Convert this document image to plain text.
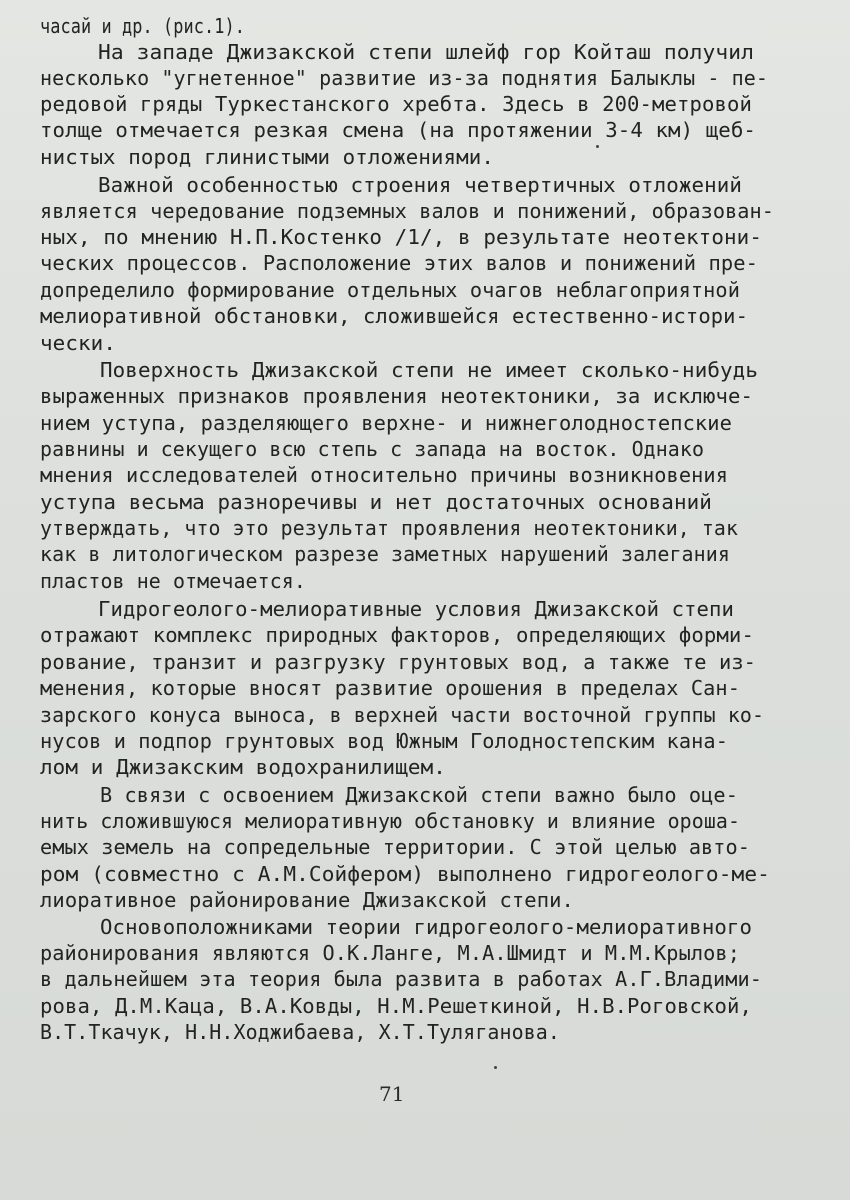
часай и др. (рис.1).
На западе Джизакской степи шлейф гор Койташ получил
несколько "угнетенное" развитие из-за поднятия Балыклы - пе-
редовой гряды Туркестанского хребта. Здесь в 200-метровой
толще отмечается резкая смена (на протяжении 3-4 км) щеб-
нистых пород глинистыми отложениями.
Важной особенностью строения четвертичных отложений
является чередование подземных валов и понижений, образован-
ных, по мнению Н.П.Костенко /1/, в результате неотектони-
ческих процессов. Расположение этих валов и понижений пре-
допределило формирование отдельных очагов неблагоприятной
мелиоративной обстановки, сложившейся естественно-истори-
чески.
Поверхность Джизакской степи не имеет сколько-нибудь
выраженных признаков проявления неотектоники, за исключе-
нием уступа, разделяющего верхне- и нижнеголодностепские
равнины и секущего всю степь с запада на восток. Однако
мнения исследователей относительно причины возникновения
уступа весьма разноречивы и нет достаточных оснований
утверждать, что это результат проявления неотектоники, так
как в литологическом разрезе заметных нарушений залегания
пластов не отмечается.
Гидрогеолого-мелиоративные условия Джизакской степи
отражают комплекс природных факторов, определяющих форми-
рование, транзит и разгрузку грунтовых вод, а также те из-
менения, которые вносят развитие орошения в пределах Сан-
зарского конуса выноса, в верхней части восточной группы ко-
нусов и подпор грунтовых вод Южным Голодностепским кана-
лом и Джизакским водохранилищем.
В связи с освоением Джизакской степи важно было оце-
нить сложившуюся мелиоративную обстановку и влияние ороша-
емых земель на сопредельные территории. С этой целью авто-
ром (совместно с А.М.Сойфером) выполнено гидрогеолого-ме-
лиоративное районирование Джизакской степи.
Основоположниками теории гидрогеолого-мелиоративного
районирования являются О.К.Ланге, М.А.Шмидт и М.М.Крылов;
в дальнейшем эта теория была развита в работах А.Г.Владими-
рова, Д.М.Каца, В.А.Ковды, Н.М.Решеткиной, Н.В.Роговской,
В.Т.Ткачук, Н.Н.Ходжибаева, Х.Т.Туляганова.
71
